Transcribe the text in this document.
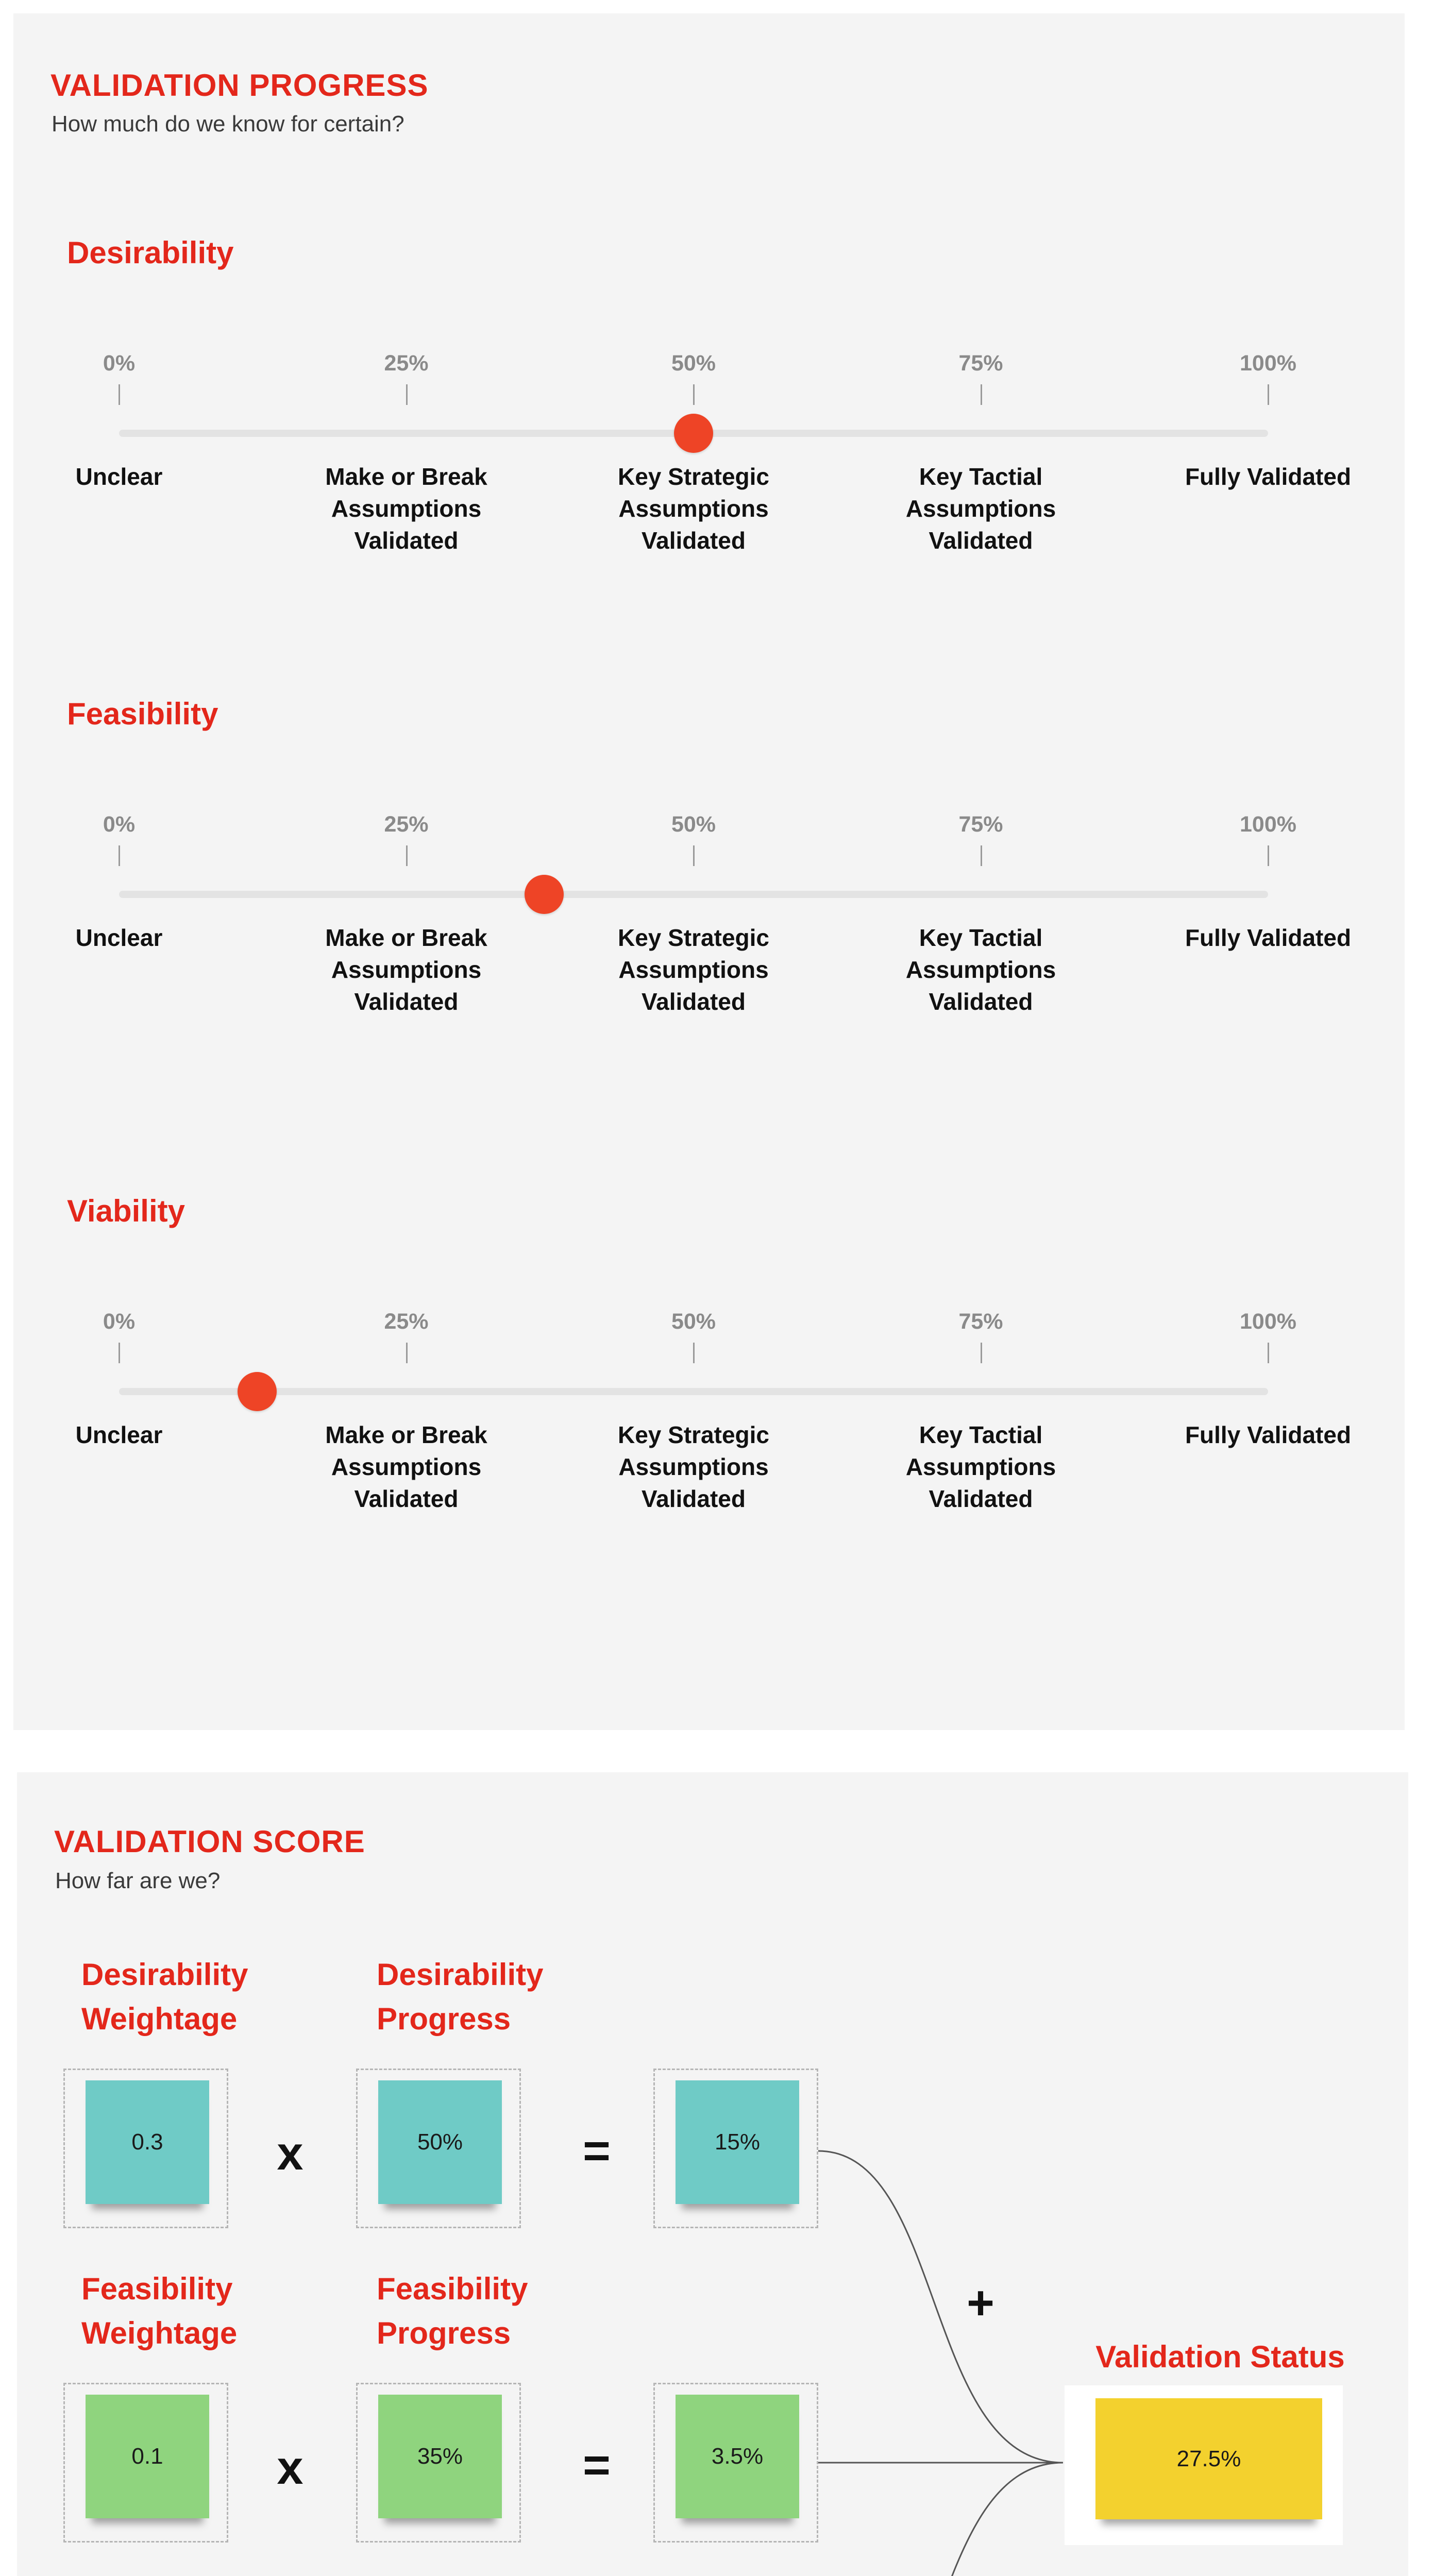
VALIDATION PROGRESS

How much do we know for certain?

Desirability
0%
Unclear
25%
Make or Break Assumptions Validated
50%
Key Strategic Assumptions Validated
75%
Key Tactial Assumptions Validated
100%
Fully Validated
Feasibility
0%
Unclear
25%
Make or Break Assumptions Validated
50%
Key Strategic Assumptions Validated
75%
Key Tactial Assumptions Validated
100%
Fully Validated
Viability
0%
Unclear
25%
Make or Break Assumptions Validated
50%
Key Strategic Assumptions Validated
75%
Key Tactial Assumptions Validated
100%
Fully Validated
VALIDATION SCORE

How far are we?

Desirability
Weightage
Desirability
Progress
0.3	x	50%	=	15%
Feasibility
Weightage
Feasibility
Progress
0.1	x	35%	=	3.5%
+
Validation Status
27.5%
